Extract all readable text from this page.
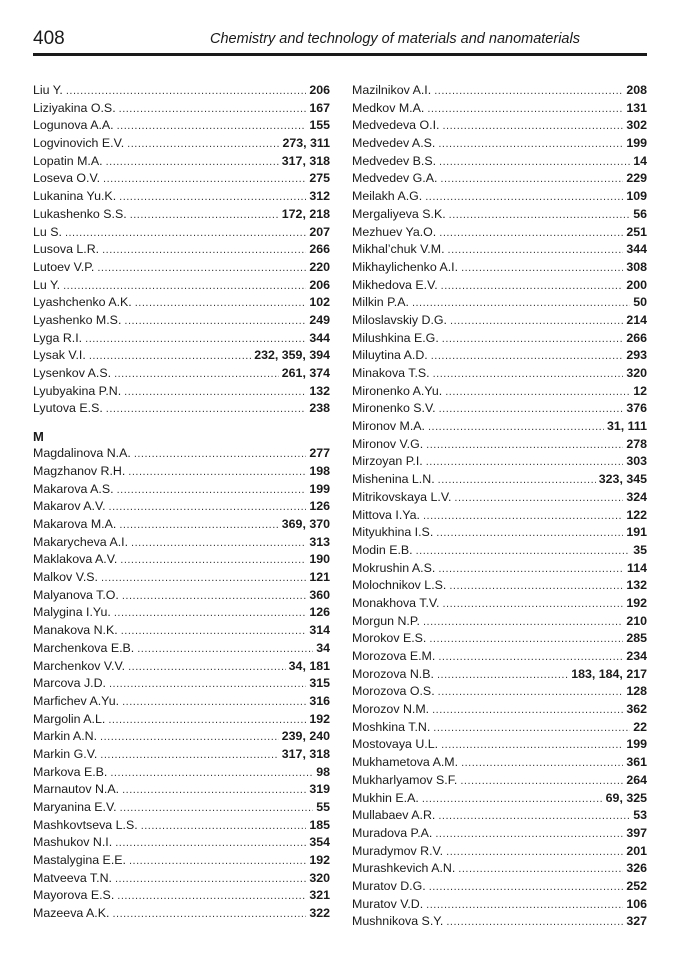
408	Chemistry and technology of materials and nanomaterials
Liu Y. .....	206
Liziyakina O.S. .....	167
Logunova A.A. .....	155
Logvinovich E.V. .....	273, 311
Lopatin M.A. .....	317, 318
Loseva O.V. .....	275
Lukanina Yu.K. .....	312
Lukashenko S.S. .....	172, 218
Lu S. .....	207
Lusova L.R. .....	266
Lutoev V.P. .....	220
Lu Y. .....	206
Lyashchenko A.K. .....	102
Lyashenko M.S. .....	249
Lyga R.I. .....	344
Lysak V.I. .....	232, 359, 394
Lysenkov A.S. .....	261, 374
Lyubyakina P.N. .....	132
Lyutova E.S. .....	238
M
Magdalinova N.A. .....	277
Magzhanov R.H. .....	198
Makarova A.S. .....	199
Makarov A.V. .....	126
Makarova M.A. .....	369, 370
Makarycheva A.I. .....	313
Maklakova A.V. .....	190
Malkov V.S. .....	121
Malyanova T.O. .....	360
Malygina I.Yu. .....	126
Manakova N.K. .....	314
Marchenkova E.B. .....	34
Marchenkov V.V. .....	34, 181
Marcova J.D. .....	315
Marfichev A.Yu. .....	316
Margolin A.L. .....	192
Markin A.N. .....	239, 240
Markin G.V. .....	317, 318
Markova E.B. .....	98
Marnautov N.A. .....	319
Maryanina E.V. .....	55
Mashkovtseva L.S. .....	185
Mashukov N.I. .....	354
Mastalygina E.E. .....	192
Matveeva T.N. .....	320
Mayorova E.S. .....	321
Mazeeva A.K. .....	322
Mazilnikov A.I. .....	208
Medkov M.A. .....	131
Medvedeva O.I. .....	302
Medvedev A.S. .....	199
Medvedev B.S. .....	14
Medvedev G.A. .....	229
Meilakh A.G. .....	109
Mergaliyeva S.K. .....	56
Mezhuev Ya.O. .....	251
Mikhal’chuk V.M. .....	344
Mikhaylichenko A.I. .....	308
Mikhedova E.V. .....	200
Milkin P.A. .....	50
Miloslavskiy D.G. .....	214
Milushkina E.G. .....	266
Miluytina A.D. .....	293
Minakova T.S. .....	320
Mironenko A.Yu. .....	12
Mironenko S.V. .....	376
Mironov M.A. .....	31, 111
Mironov V.G. .....	278
Mirzoyan P.I. .....	303
Mishenina L.N. .....	323, 345
Mitrikovskaya L.V. .....	324
Mittova I.Ya. .....	122
Mityukhina I.S. .....	191
Modin E.B. .....	35
Mokrushin A.S. .....	114
Molochnikov L.S. .....	132
Monakhova T.V. .....	192
Morgun N.P. .....	210
Morokov E.S. .....	285
Morozova E.M. .....	234
Morozova N.B. .....	183, 184, 217
Morozova O.S. .....	128
Morozov N.M. .....	362
Moshkina T.N. .....	22
Mostovaya U.L. .....	199
Mukhametova A.M. .....	361
Mukharlyamov S.F. .....	264
Mukhin E.A. .....	69, 325
Mullabaev A.R. .....	53
Muradova P.A. .....	397
Muradymov R.V. .....	201
Murashkevich A.N. .....	326
Muratov D.G. .....	252
Muratov V.D. .....	106
Mushnikova S.Y. .....	327
